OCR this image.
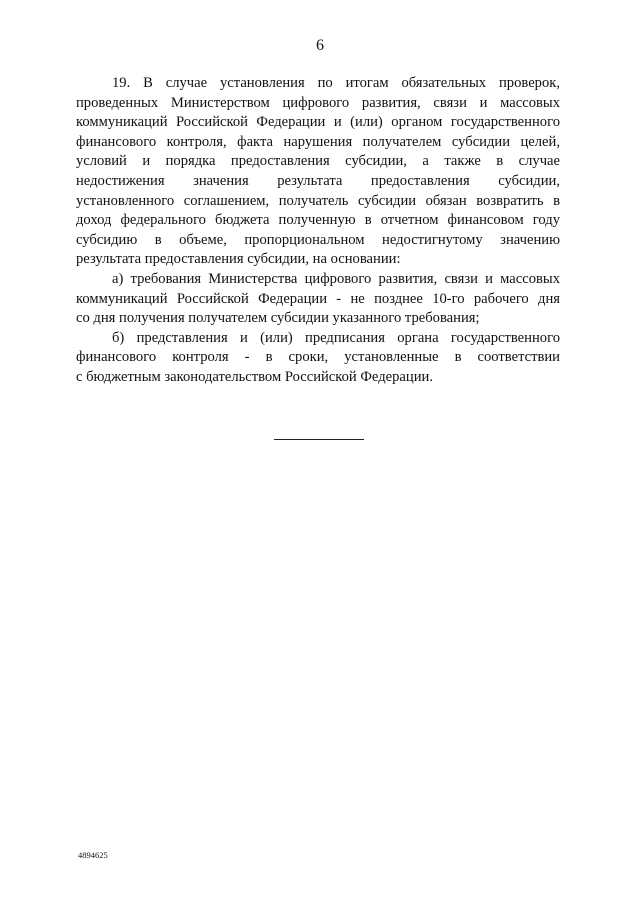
6
19. В случае установления по итогам обязательных проверок,
проведенных Министерством цифрового развития, связи и массовых
коммуникаций Российской Федерации и (или) органом государственного
финансового контроля, факта нарушения получателем субсидии целей,
условий и порядка предоставления субсидии, а также в случае
недостижения значения результата предоставления субсидии,
установленного соглашением, получатель субсидии обязан возвратить в
доход федерального бюджета полученную в отчетном финансовом году
субсидию в объеме, пропорциональном недостигнутому значению
результата предоставления субсидии, на основании:
а) требования Министерства цифрового развития, связи и массовых
коммуникаций Российской Федерации - не позднее 10-го рабочего дня
со дня получения получателем субсидии указанного требования;
б) представления и (или) предписания органа государственного
финансового контроля - в сроки, установленные в соответствии
с бюджетным законодательством Российской Федерации.
4894625
